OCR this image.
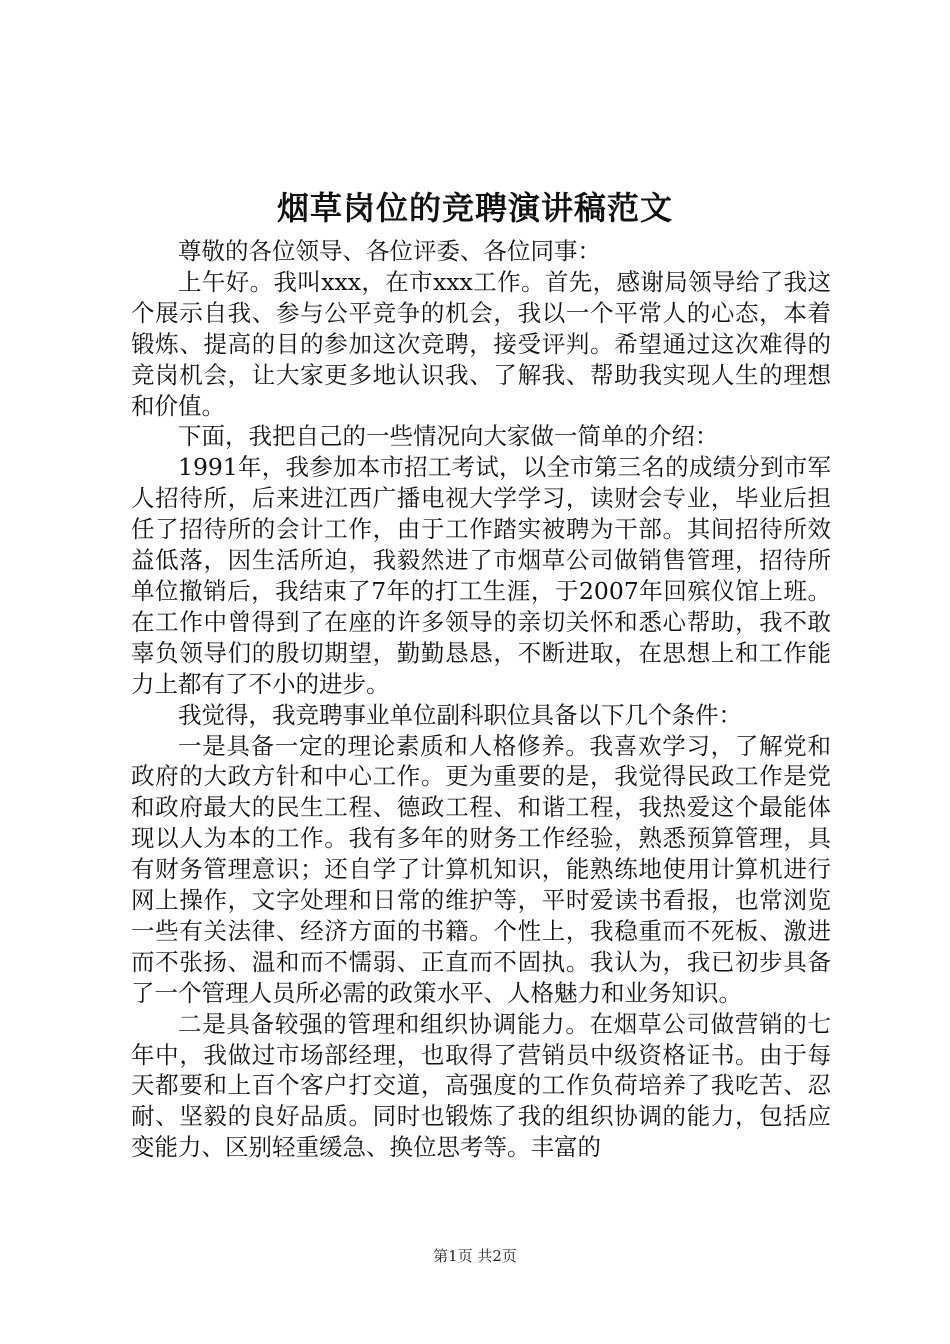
烟草岗位的竞聘演讲稿范文

尊敬的各位领导、各位评委、各位同事：

上午好。我叫xxx，在市xxx工作。首先，感谢局领导给了我这个展示自我、参与公平竞争的机会，我以一个平常人的心态，本着锻炼、提高的目的参加这次竞聘，接受评判。希望通过这次难得的竞岗机会，让大家更多地认识我、了解我、帮助我实现人生的理想和价值。

下面，我把自己的一些情况向大家做一简单的介绍：

1991年，我参加本市招工考试，以全市第三名的成绩分到市军人招待所，后来进江西广播电视大学学习，读财会专业，毕业后担任了招待所的会计工作，由于工作踏实被聘为干部。其间招待所效益低落，因生活所迫，我毅然进了市烟草公司做销售管理，招待所单位撤销后，我结束了7年的打工生涯，于2007年回殡仪馆上班。在工作中曾得到了在座的许多领导的亲切关怀和悉心帮助，我不敢辜负领导们的殷切期望，勤勤恳恳，不断进取，在思想上和工作能力上都有了不小的进步。

我觉得，我竞聘事业单位副科职位具备以下几个条件：

一是具备一定的理论素质和人格修养。我喜欢学习，了解党和政府的大政方针和中心工作。更为重要的是，我觉得民政工作是党和政府最大的民生工程、德政工程、和谐工程，我热爱这个最能体现以人为本的工作。我有多年的财务工作经验，熟悉预算管理，具有财务管理意识；还自学了计算机知识，能熟练地使用计算机进行网上操作，文字处理和日常的维护等，平时爱读书看报，也常浏览一些有关法律、经济方面的书籍。个性上，我稳重而不死板、激进而不张扬、温和而不懦弱、正直而不固执。我认为，我已初步具备了一个管理人员所必需的政策水平、人格魅力和业务知识。

二是具备较强的管理和组织协调能力。在烟草公司做营销的七年中，我做过市场部经理，也取得了营销员中级资格证书。由于每天都要和上百个客户打交道，高强度的工作负荷培养了我吃苦、忍耐、坚毅的良好品质。同时也锻炼了我的组织协调的能力，包括应变能力、区别轻重缓急、换位思考等。丰富的

第1页 共2页
